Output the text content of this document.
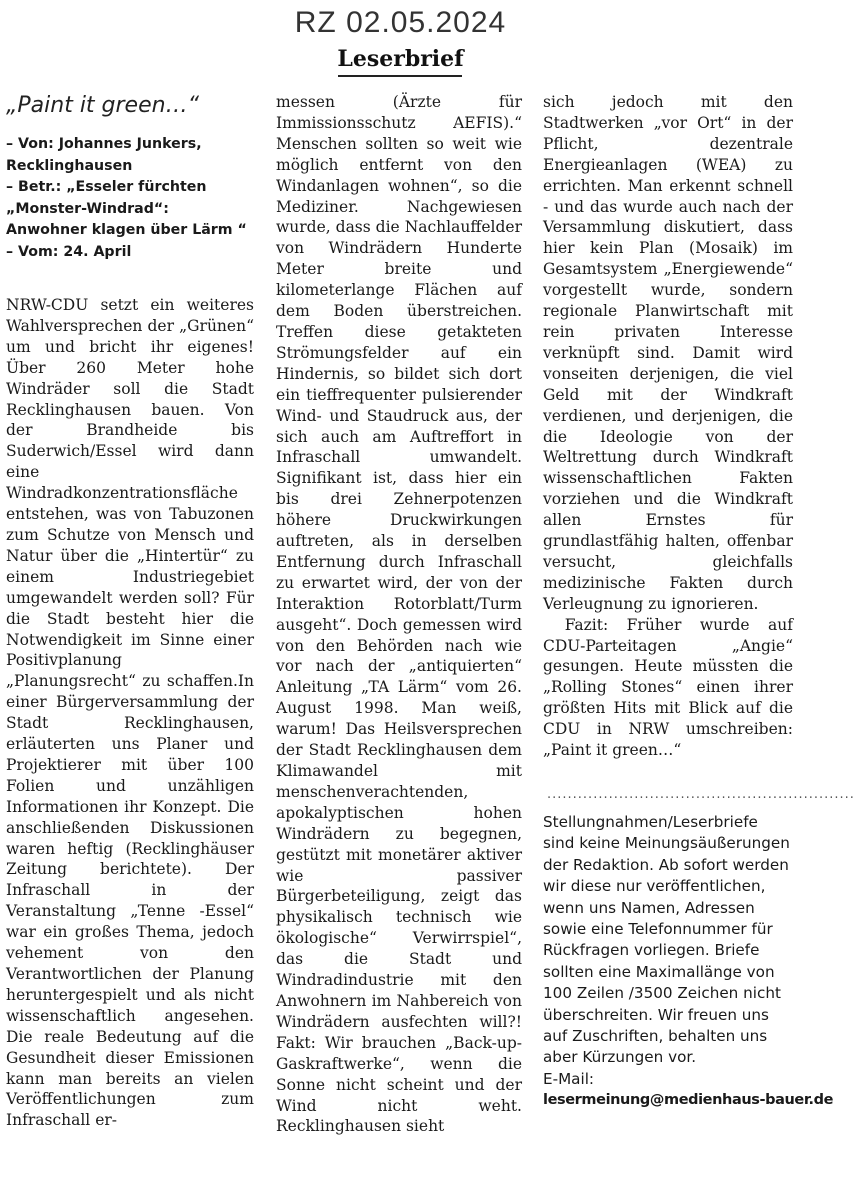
RZ 02.05.2024
Leserbrief
„Paint it green…“
– Von: Johannes Junkers, Recklinghausen
– Betr.: „Esseler fürchten „Monster-Windrad“: Anwohner klagen über Lärm “
– Vom: 24. April

NRW-CDU setzt ein weiteres Wahlversprechen der „Grünen“ um und bricht ihr eigenes! Über 260 Meter hohe Windräder soll die Stadt Recklinghausen bauen. Von der Brandheide bis Suderwich/Essel wird dann eine Windradkonzentrationsfläche entstehen, was von Tabuzonen zum Schutze von Mensch und Natur über die „Hintertür“ zu einem Industriegebiet umgewandelt werden soll? Für die Stadt besteht hier die Notwendigkeit im Sinne einer Positivplanung „Planungsrecht“ zu schaffen.In einer Bürgerversammlung der Stadt Recklinghausen, erläuterten uns Planer und Projektierer mit über 100 Folien und unzähligen Informationen ihr Konzept. Die anschließenden Diskussionen waren heftig (Recklinghäuser Zeitung berichtete). Der Infraschall in der Veranstaltung „Tenne -Essel“ war ein großes Thema, jedoch vehement von den Verantwortlichen der Planung heruntergespielt und als nicht wissenschaftlich angesehen. Die reale Bedeutung auf die Gesundheit dieser Emissionen kann man bereits an vielen Veröffentlichungen zum Infraschall er-

messen (Ärzte für Immissionsschutz AEFIS).“ Menschen sollten so weit wie möglich entfernt von den Windanlagen wohnen“, so die Mediziner. Nachgewiesen wurde, dass die Nachlauffelder von Windrädern Hunderte Meter breite und kilometerlange Flächen auf dem Boden überstreichen. Treffen diese getakteten Strömungsfelder auf ein Hindernis, so bildet sich dort ein tieffrequenter pulsierender Wind- und Staudruck aus, der sich auch am Auftreffort in Infraschall umwandelt. Signifikant ist, dass hier ein bis drei Zehnerpotenzen höhere Druckwirkungen auftreten, als in derselben Entfernung durch Infraschall zu erwartet wird, der von der Interaktion Rotorblatt/Turm ausgeht“. Doch gemessen wird von den Behörden nach wie vor nach der „antiquierten“ Anleitung „TA Lärm“ vom 26. August 1998. Man weiß, warum! Das Heilsversprechen der Stadt Recklinghausen dem Klimawandel mit menschenverachtenden, apokalyptischen hohen Windrädern zu begegnen, gestützt mit monetärer aktiver wie passiver Bürgerbeteiligung, zeigt das physikalisch technisch wie ökologische“ Verwirrspiel“, das die Stadt und Windradindustrie mit den Anwohnern im Nahbereich von Windrädern ausfechten will?! Fakt: Wir brauchen „Back-up-Gaskraftwerke“, wenn die Sonne nicht scheint und der Wind nicht weht. Recklinghausen sieht

sich jedoch mit den Stadtwerken „vor Ort“ in der Pflicht, dezentrale Energieanlagen (WEA) zu errichten. Man erkennt schnell - und das wurde auch nach der Versammlung diskutiert, dass hier kein Plan (Mosaik) im Gesamtsystem „Energiewende“ vorgestellt wurde, sondern regionale Planwirtschaft mit rein privaten Interesse verknüpft sind. Damit wird vonseiten derjenigen, die viel Geld mit der Windkraft verdienen, und derjenigen, die die Ideologie von der Weltrettung durch Windkraft wissenschaftlichen Fakten vorziehen und die Windkraft allen Ernstes für grundlastfähig halten, offenbar versucht, gleichfalls medizinische Fakten durch Verleugnung zu ignorieren.

Fazit: Früher wurde auf CDU-Parteitagen „Angie“ gesungen. Heute müssten die „Rolling Stones“ einen ihrer größten Hits mit Blick auf die CDU in NRW umschreiben: „Paint it green…“

............................................................
Stellungnahmen/Leserbriefe sind keine Meinungsäußerungen der Redaktion. Ab sofort werden wir diese nur veröffentlichen, wenn uns Namen, Adressen sowie eine Telefonnummer für Rückfragen vorliegen. Briefe sollten eine Maximallänge von 100 Zeilen /3500 Zeichen nicht überschreiten. Wir freuen uns auf Zuschriften, behalten uns aber Kürzungen vor.
E-Mail:
lesermeinung@medienhaus-bauer.de
